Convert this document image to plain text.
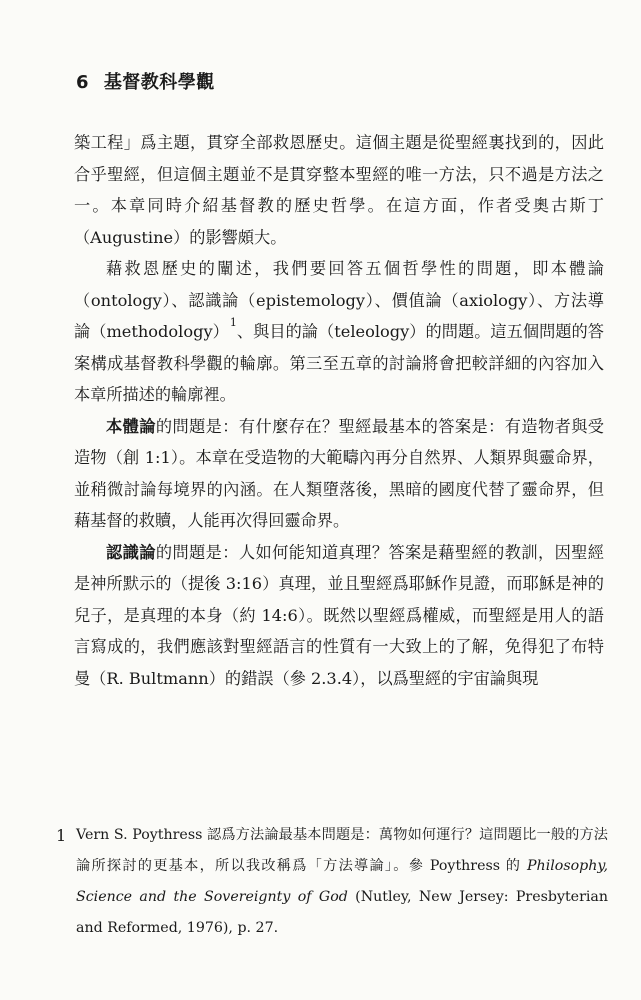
6 基督教科學觀

築工程」爲主題，貫穿全部救恩歷史。這個主題是從聖經裏找到的，因此合乎聖經，但這個主題並不是貫穿整本聖經的唯一方法，只不過是方法之一。本章同時介紹基督教的歷史哲學。在這方面，作者受奧古斯丁（Augustine）的影響頗大。

藉救恩歷史的闡述，我們要回答五個哲學性的問題，即本體論（ontology）、認識論（epistemology）、價值論（axiology）、方法導論（methodology）$^1$、與目的論（teleology）的問題。這五個問題的答案構成基督教科學觀的輪廓。第三至五章的討論將會把較詳細的內容加入本章所描述的輪廓裡。

本體論的問題是：有什麼存在？聖經最基本的答案是：有造物者與受造物（創 1:1）。本章在受造物的大範疇內再分自然界、人類界與靈命界，並稍微討論每境界的內涵。在人類墮落後，黑暗的國度代替了靈命界，但藉基督的救贖，人能再次得回靈命界。

認識論的問題是：人如何能知道真理？答案是藉聖經的教訓，因聖經是神所默示的（提後 3:16）真理，並且聖經爲耶穌作見證，而耶穌是神的兒子，是真理的本身（約 14:6）。既然以聖經爲權威，而聖經是用人的語言寫成的，我們應該對聖經語言的性質有一大致上的了解，免得犯了布特曼（R. Bultmann）的錯誤（參 2.3.4），以爲聖經的宇宙論與現

1 Vern S. Poythress 認爲方法論最基本問題是：萬物如何運行？這問題比一般的方法論所探討的更基本，所以我改稱爲「方法導論」。參 Poythress 的 Philosophy, Science and the Sovereignty of God (Nutley, New Jersey: Presbyterian and Reformed, 1976), p. 27.
